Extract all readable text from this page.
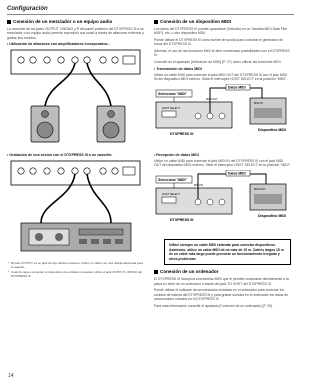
Configuración
Conexión de un mezclador o un equipo audio

La conexión de los jacks OUTPUT L/MONO y R del panel posterior del DTXPRESS III a un mezclador o un equipo audio permite reproducir sus sonid a través de altavoces externos y grabar sus sonidos.

• Utilización de altavoces con amplificadores incorporados...
• Grabación de una sesión con el DTXPRESS III a un cassette.
* El jack OUTPUT es un jack de tipo teléfono estéreo. Utilice un cable con una clavija adecuada para el aparato.
* Cuando vaya a conectar un dispositivo de entrada monoaural, utilice el jack OUTPUT L/MONO del DTXPRESS III.
Conexión de un dispositivo MIDI

Los datos del DTXPRESS III pueden guardarse (Volcado) en un Yamaha MIDI Data Filer MDF3, etc. u otro dispositivo MIDI.

Puede utilizar el DTXPRESS III como fuente de sonido para controlar el generador de tonos del DTXPRESS III.

Además, el uso de las funciones MIDI le abre numerosas posibilidades con el DTXPRESS III.

Consulte en el apartado [Utilización de MIDI] (P. 27) cómo utilizar las funciones MIDI.

• Transmisión de datos MIDI

Utilice un cable MIDI para conectar el jack MIDI OUT del DTXPRESS III con el jack MIDI IN del dispositivo MIDI externo. Sitúe el interruptor HOST SELECT en la posición "MIDI".

Seleccione "MIDI"
HOST SELECT
DTXPRESS III
MIDI OUT
Datos MIDI
MIDI IN
Dispositivo MIDI
• Recepción de datos MIDI

Utilice un cable MIDI para conectar el jack MIDI IN del DTXPRESS III con el jack MIDI OUT del dispositivo MIDI externo. Sitúe el interruptor HOST SELECT en la posición "MIDI".

Seleccione "MIDI"
HOST SELECT
DTXPRESS III
MIDI IN
Datos MIDI
MIDI OUT
Dispositivo MIDI
Utilice siempre un cable MIDI estándar para conectar dispositivos. Asimismo, utilice un cable MIDI de no más de 15 m. Cables largos 15 m de un cable más largo puede provocar un funcionamiento irregular y otros problemas.
Conexión de un ordenador

El DTXPRESS III incorpora una interfaz MIDI que le permite conectarse directamente a la placa en serie de un ordenador a través del jack TO HOST del DTXPRESS III.

Puede utilizar el software de secuenciador instalado en el ordenador para controlar los sonidos de batería del DTXPRESS III y para grabar sonidos en el ordenador los datos de secuenciador creados en el DTXPRESS III.

Para más información consulte el apartado [Conexión de un ordenador] (P. 29).

14
